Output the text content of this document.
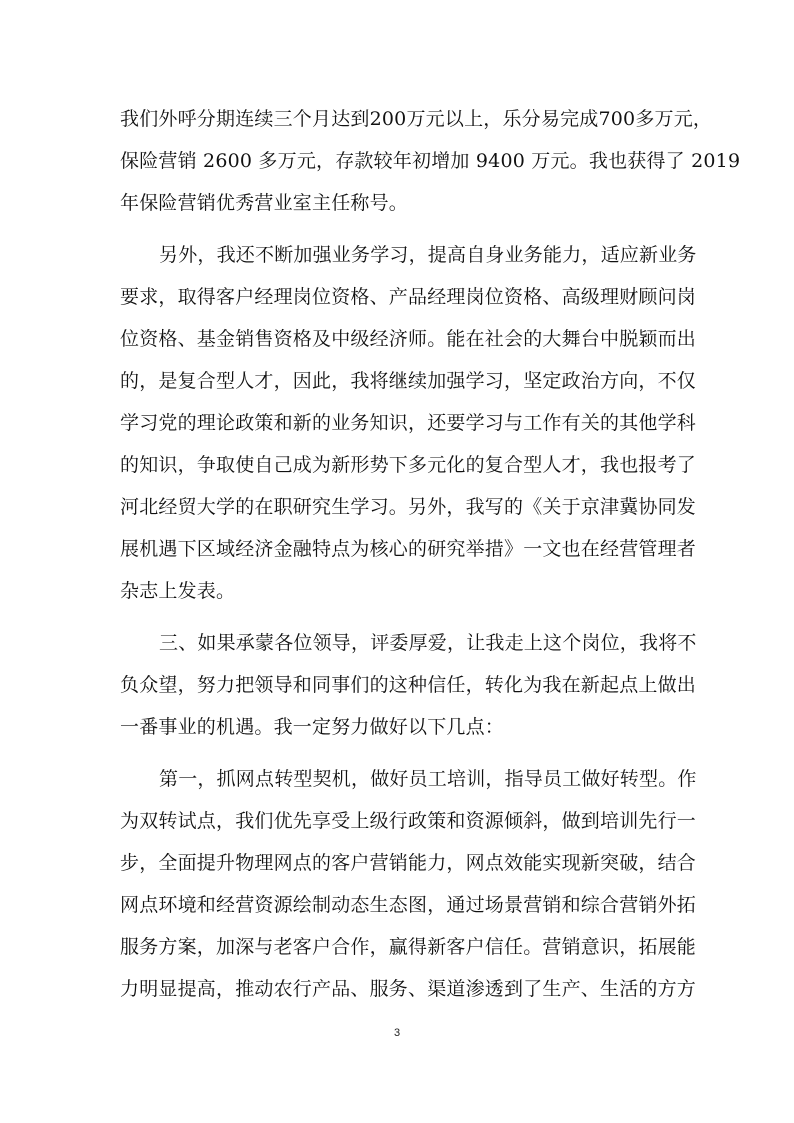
我们外呼分期连续三个月达到200万元以上，乐分易完成700多万元，
保险营销 2600 多万元，存款较年初增加 9400 万元。我也获得了 2019
年保险营销优秀营业室主任称号。
另外，我还不断加强业务学习，提高自身业务能力，适应新业务
要求，取得客户经理岗位资格、产品经理岗位资格、高级理财顾问岗
位资格、基金销售资格及中级经济师。能在社会的大舞台中脱颖而出
的，是复合型人才，因此，我将继续加强学习，坚定政治方向，不仅
学习党的理论政策和新的业务知识，还要学习与工作有关的其他学科
的知识，争取使自己成为新形势下多元化的复合型人才，我也报考了
河北经贸大学的在职研究生学习。另外，我写的《关于京津冀协同发
展机遇下区域经济金融特点为核心的研究举措》一文也在经营管理者
杂志上发表。
三、如果承蒙各位领导，评委厚爱，让我走上这个岗位，我将不
负众望，努力把领导和同事们的这种信任，转化为我在新起点上做出
一番事业的机遇。我一定努力做好以下几点：
第一，抓网点转型契机，做好员工培训，指导员工做好转型。作
为双转试点，我们优先享受上级行政策和资源倾斜，做到培训先行一
步，全面提升物理网点的客户营销能力，网点效能实现新突破，结合
网点环境和经营资源绘制动态生态图，通过场景营销和综合营销外拓
服务方案，加深与老客户合作，赢得新客户信任。营销意识，拓展能
力明显提高，推动农行产品、服务、渠道渗透到了生产、生活的方方
3
